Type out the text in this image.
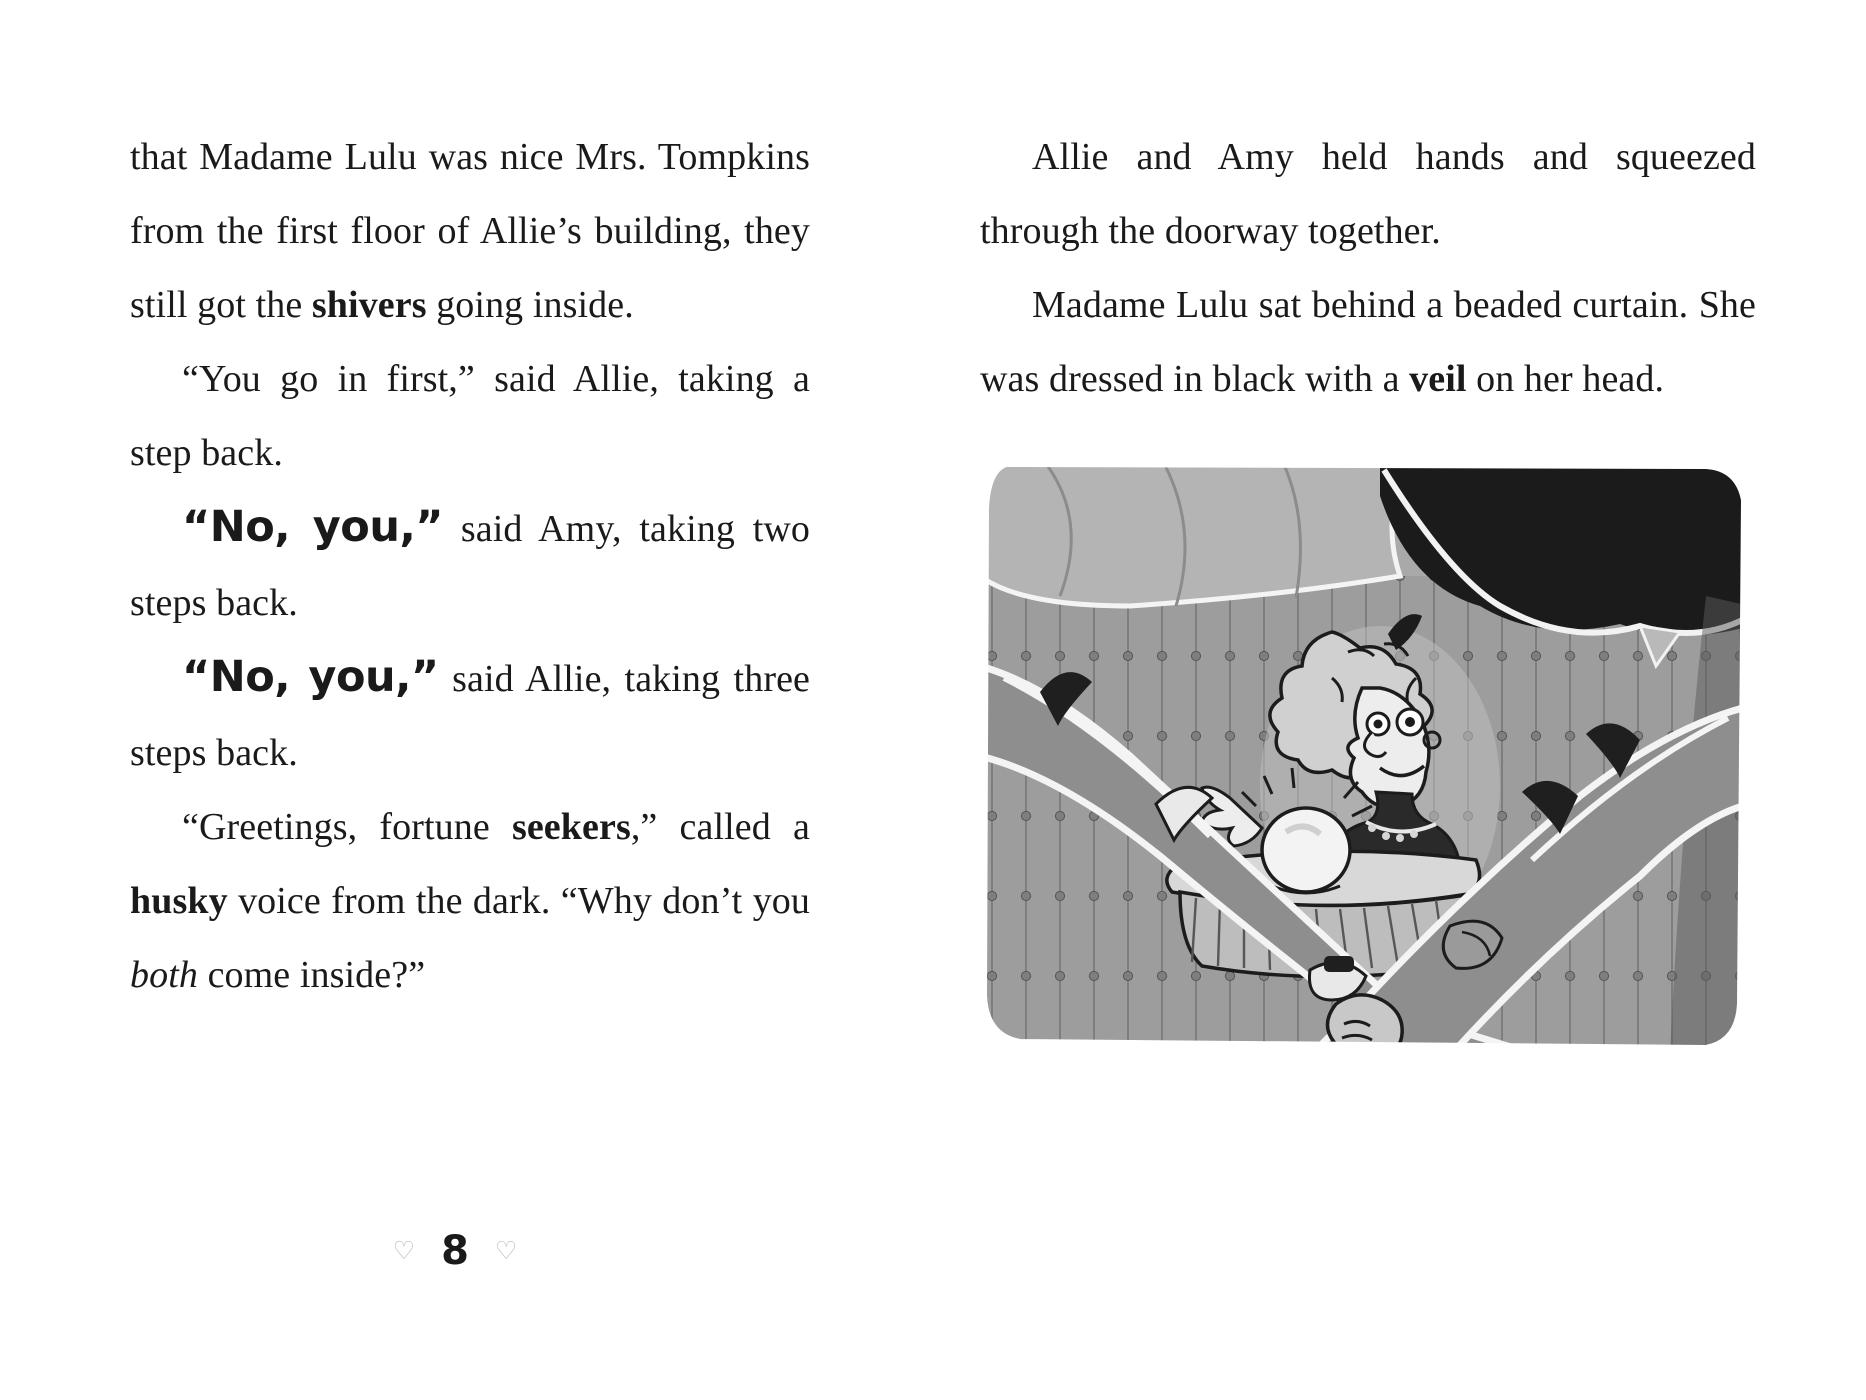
that Madame Lulu was nice Mrs. Tompkins from the first floor of Allie’s building, they still got the shivers going inside.

“You go in first,” said Allie, taking a step back.

“No, you,” said Amy, taking two steps back.

“No, you,” said Allie, taking three steps back.

“Greetings, fortune seekers,” called a husky voice from the dark. “Why don’t you both come inside?”

♡ 8 ♡

Allie and Amy held hands and squeezed through the doorway together.

Madame Lulu sat behind a beaded curtain. She was dressed in black with a veil on her head.
